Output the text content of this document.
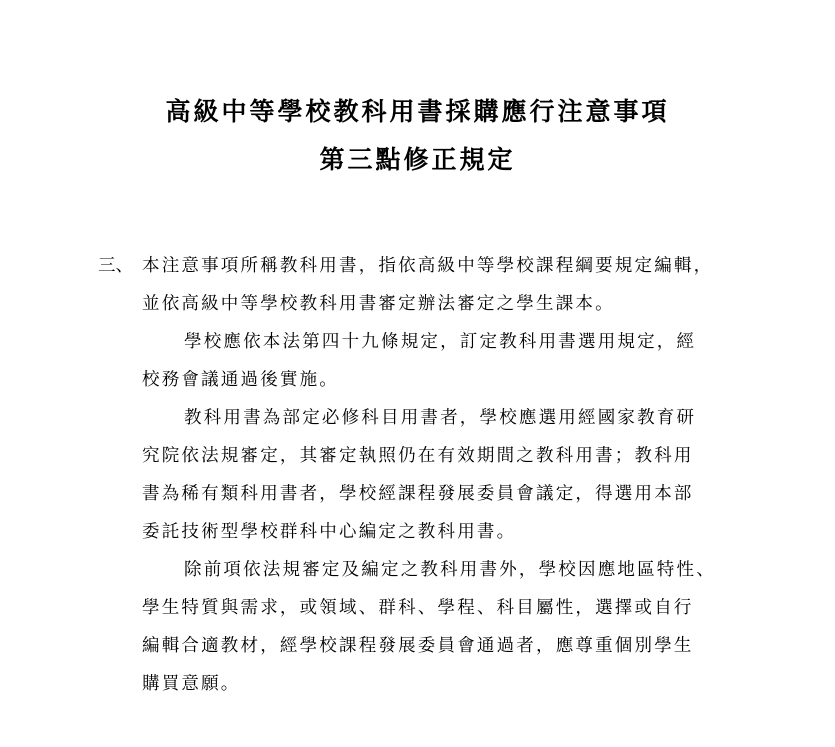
高級中等學校教科用書採購應行注意事項
第三點修正規定
三、 本注意事項所稱教科用書，指依高級中等學校課程綱要規定編輯，
並依高級中等學校教科用書審定辦法審定之學生課本。
學校應依本法第四十九條規定，訂定教科用書選用規定，經
校務會議通過後實施。
教科用書為部定必修科目用書者，學校應選用經國家教育研
究院依法規審定，其審定執照仍在有效期間之教科用書；教科用
書為稀有類科用書者，學校經課程發展委員會議定，得選用本部
委託技術型學校群科中心編定之教科用書。
除前項依法規審定及編定之教科用書外，學校因應地區特性、
學生特質與需求，或領域、群科、學程、科目屬性，選擇或自行
編輯合適教材，經學校課程發展委員會通過者，應尊重個別學生
購買意願。
